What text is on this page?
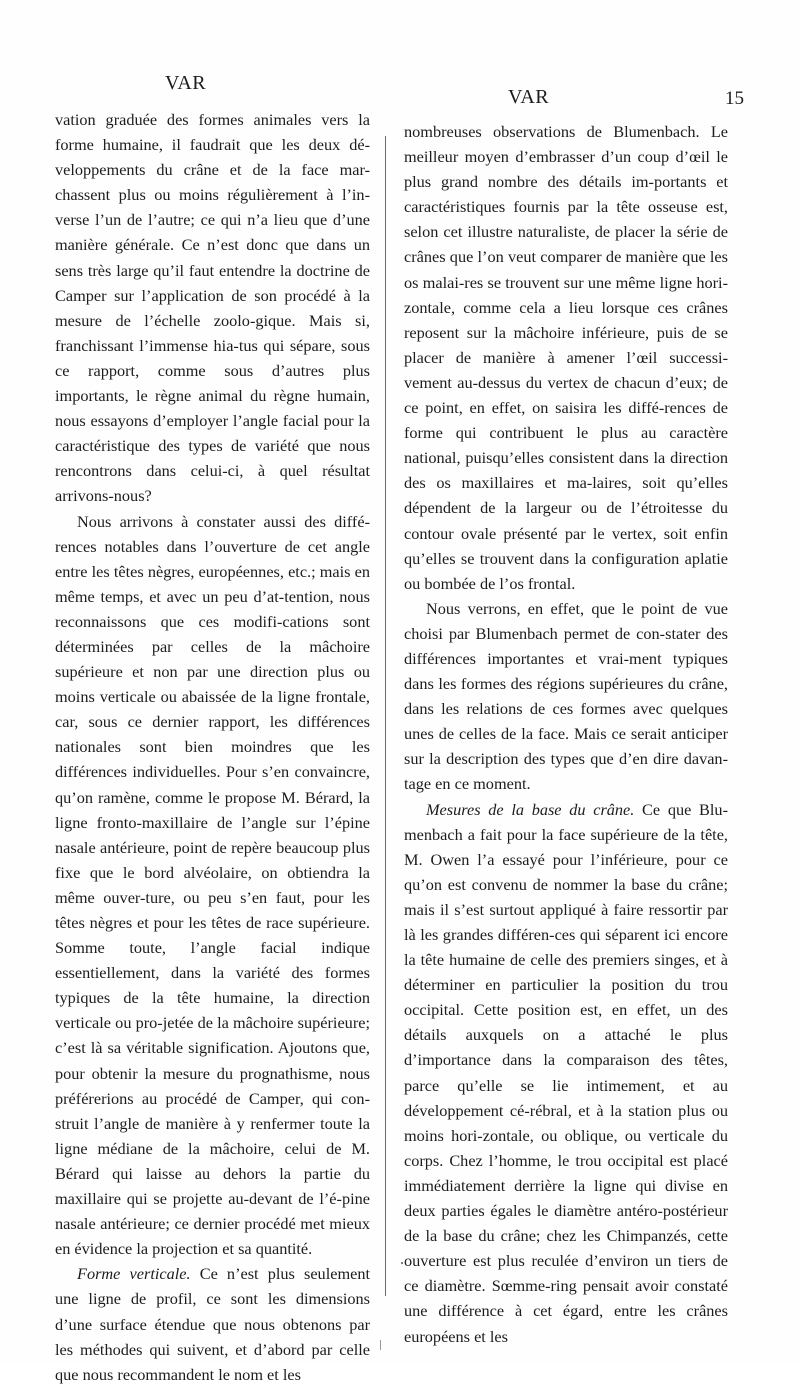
VAR
VAR	15

vation graduée des formes animales vers la forme humaine, il faudrait que les deux dé-veloppements du crâne et de la face mar-chassent plus ou moins régulièrement à l’in-verse l’un de l’autre; ce qui n’a lieu que d’une manière générale. Ce n’est donc que dans un sens très large qu’il faut entendre la doctrine de Camper sur l’application de son procédé à la mesure de l’échelle zoolo-gique. Mais si, franchissant l’immense hia-tus qui sépare, sous ce rapport, comme sous d’autres plus importants, le règne animal du règne humain, nous essayons d’employer l’angle facial pour la caractéristique des types de variété que nous rencontrons dans celui-ci, à quel résultat arrivons-nous?

Nous arrivons à constater aussi des diffé-rences notables dans l’ouverture de cet angle entre les têtes nègres, européennes, etc.; mais en même temps, et avec un peu d’at-tention, nous reconnaissons que ces modifi-cations sont déterminées par celles de la mâchoire supérieure et non par une direction plus ou moins verticale ou abaissée de la ligne frontale, car, sous ce dernier rapport, les différences nationales sont bien moindres que les différences individuelles. Pour s’en convaincre, qu’on ramène, comme le propose M. Bérard, la ligne fronto-maxillaire de l’angle sur l’épine nasale antérieure, point de repère beaucoup plus fixe que le bord alvéolaire, on obtiendra la même ouver-ture, ou peu s’en faut, pour les têtes nègres et pour les têtes de race supérieure. Somme toute, l’angle facial indique essentiellement, dans la variété des formes typiques de la tête humaine, la direction verticale ou pro-jetée de la mâchoire supérieure; c’est là sa véritable signification. Ajoutons que, pour obtenir la mesure du prognathisme, nous préférerions au procédé de Camper, qui con-struit l’angle de manière à y renfermer toute la ligne médiane de la mâchoire, celui de M. Bérard qui laisse au dehors la partie du maxillaire qui se projette au-devant de l’é-pine nasale antérieure; ce dernier procédé met mieux en évidence la projection et sa quantité.

Forme verticale. Ce n’est plus seulement une ligne de profil, ce sont les dimensions d’une surface étendue que nous obtenons par les méthodes qui suivent, et d’abord par celle que nous recommandent le nom et les

nombreuses observations de Blumenbach. Le meilleur moyen d’embrasser d’un coup d’œil le plus grand nombre des détails im-portants et caractéristiques fournis par la tête osseuse est, selon cet illustre naturaliste, de placer la série de crânes que l’on veut comparer de manière que les os malai-res se trouvent sur une même ligne hori-zontale, comme cela a lieu lorsque ces crânes reposent sur la mâchoire inférieure, puis de se placer de manière à amener l’œil successi-vement au-dessus du vertex de chacun d’eux; de ce point, en effet, on saisira les diffé-rences de forme qui contribuent le plus au caractère national, puisqu’elles consistent dans la direction des os maxillaires et ma-laires, soit qu’elles dépendent de la largeur ou de l’étroitesse du contour ovale présenté par le vertex, soit enfin qu’elles se trouvent dans la configuration aplatie ou bombée de l’os frontal.

Nous verrons, en effet, que le point de vue choisi par Blumenbach permet de con-stater des différences importantes et vrai-ment typiques dans les formes des régions supérieures du crâne, dans les relations de ces formes avec quelques unes de celles de la face. Mais ce serait anticiper sur la description des types que d’en dire davan-tage en ce moment.

Mesures de la base du crâne. Ce que Blu-menbach a fait pour la face supérieure de la tête, M. Owen l’a essayé pour l’inférieure, pour ce qu’on est convenu de nommer la base du crâne; mais il s’est surtout appliqué à faire ressortir par là les grandes différen-ces qui séparent ici encore la tête humaine de celle des premiers singes, et à déterminer en particulier la position du trou occipital. Cette position est, en effet, un des détails auxquels on a attaché le plus d’importance dans la comparaison des têtes, parce qu’elle se lie intimement, et au développement cé-rébral, et à la station plus ou moins hori-zontale, ou oblique, ou verticale du corps. Chez l’homme, le trou occipital est placé immédiatement derrière la ligne qui divise en deux parties égales le diamètre antéro-postérieur de la base du crâne; chez les Chimpanzés, cette ouverture est plus reculée d’environ un tiers de ce diamètre. Sœmme-ring pensait avoir constaté une différence à cet égard, entre les crânes européens et les
